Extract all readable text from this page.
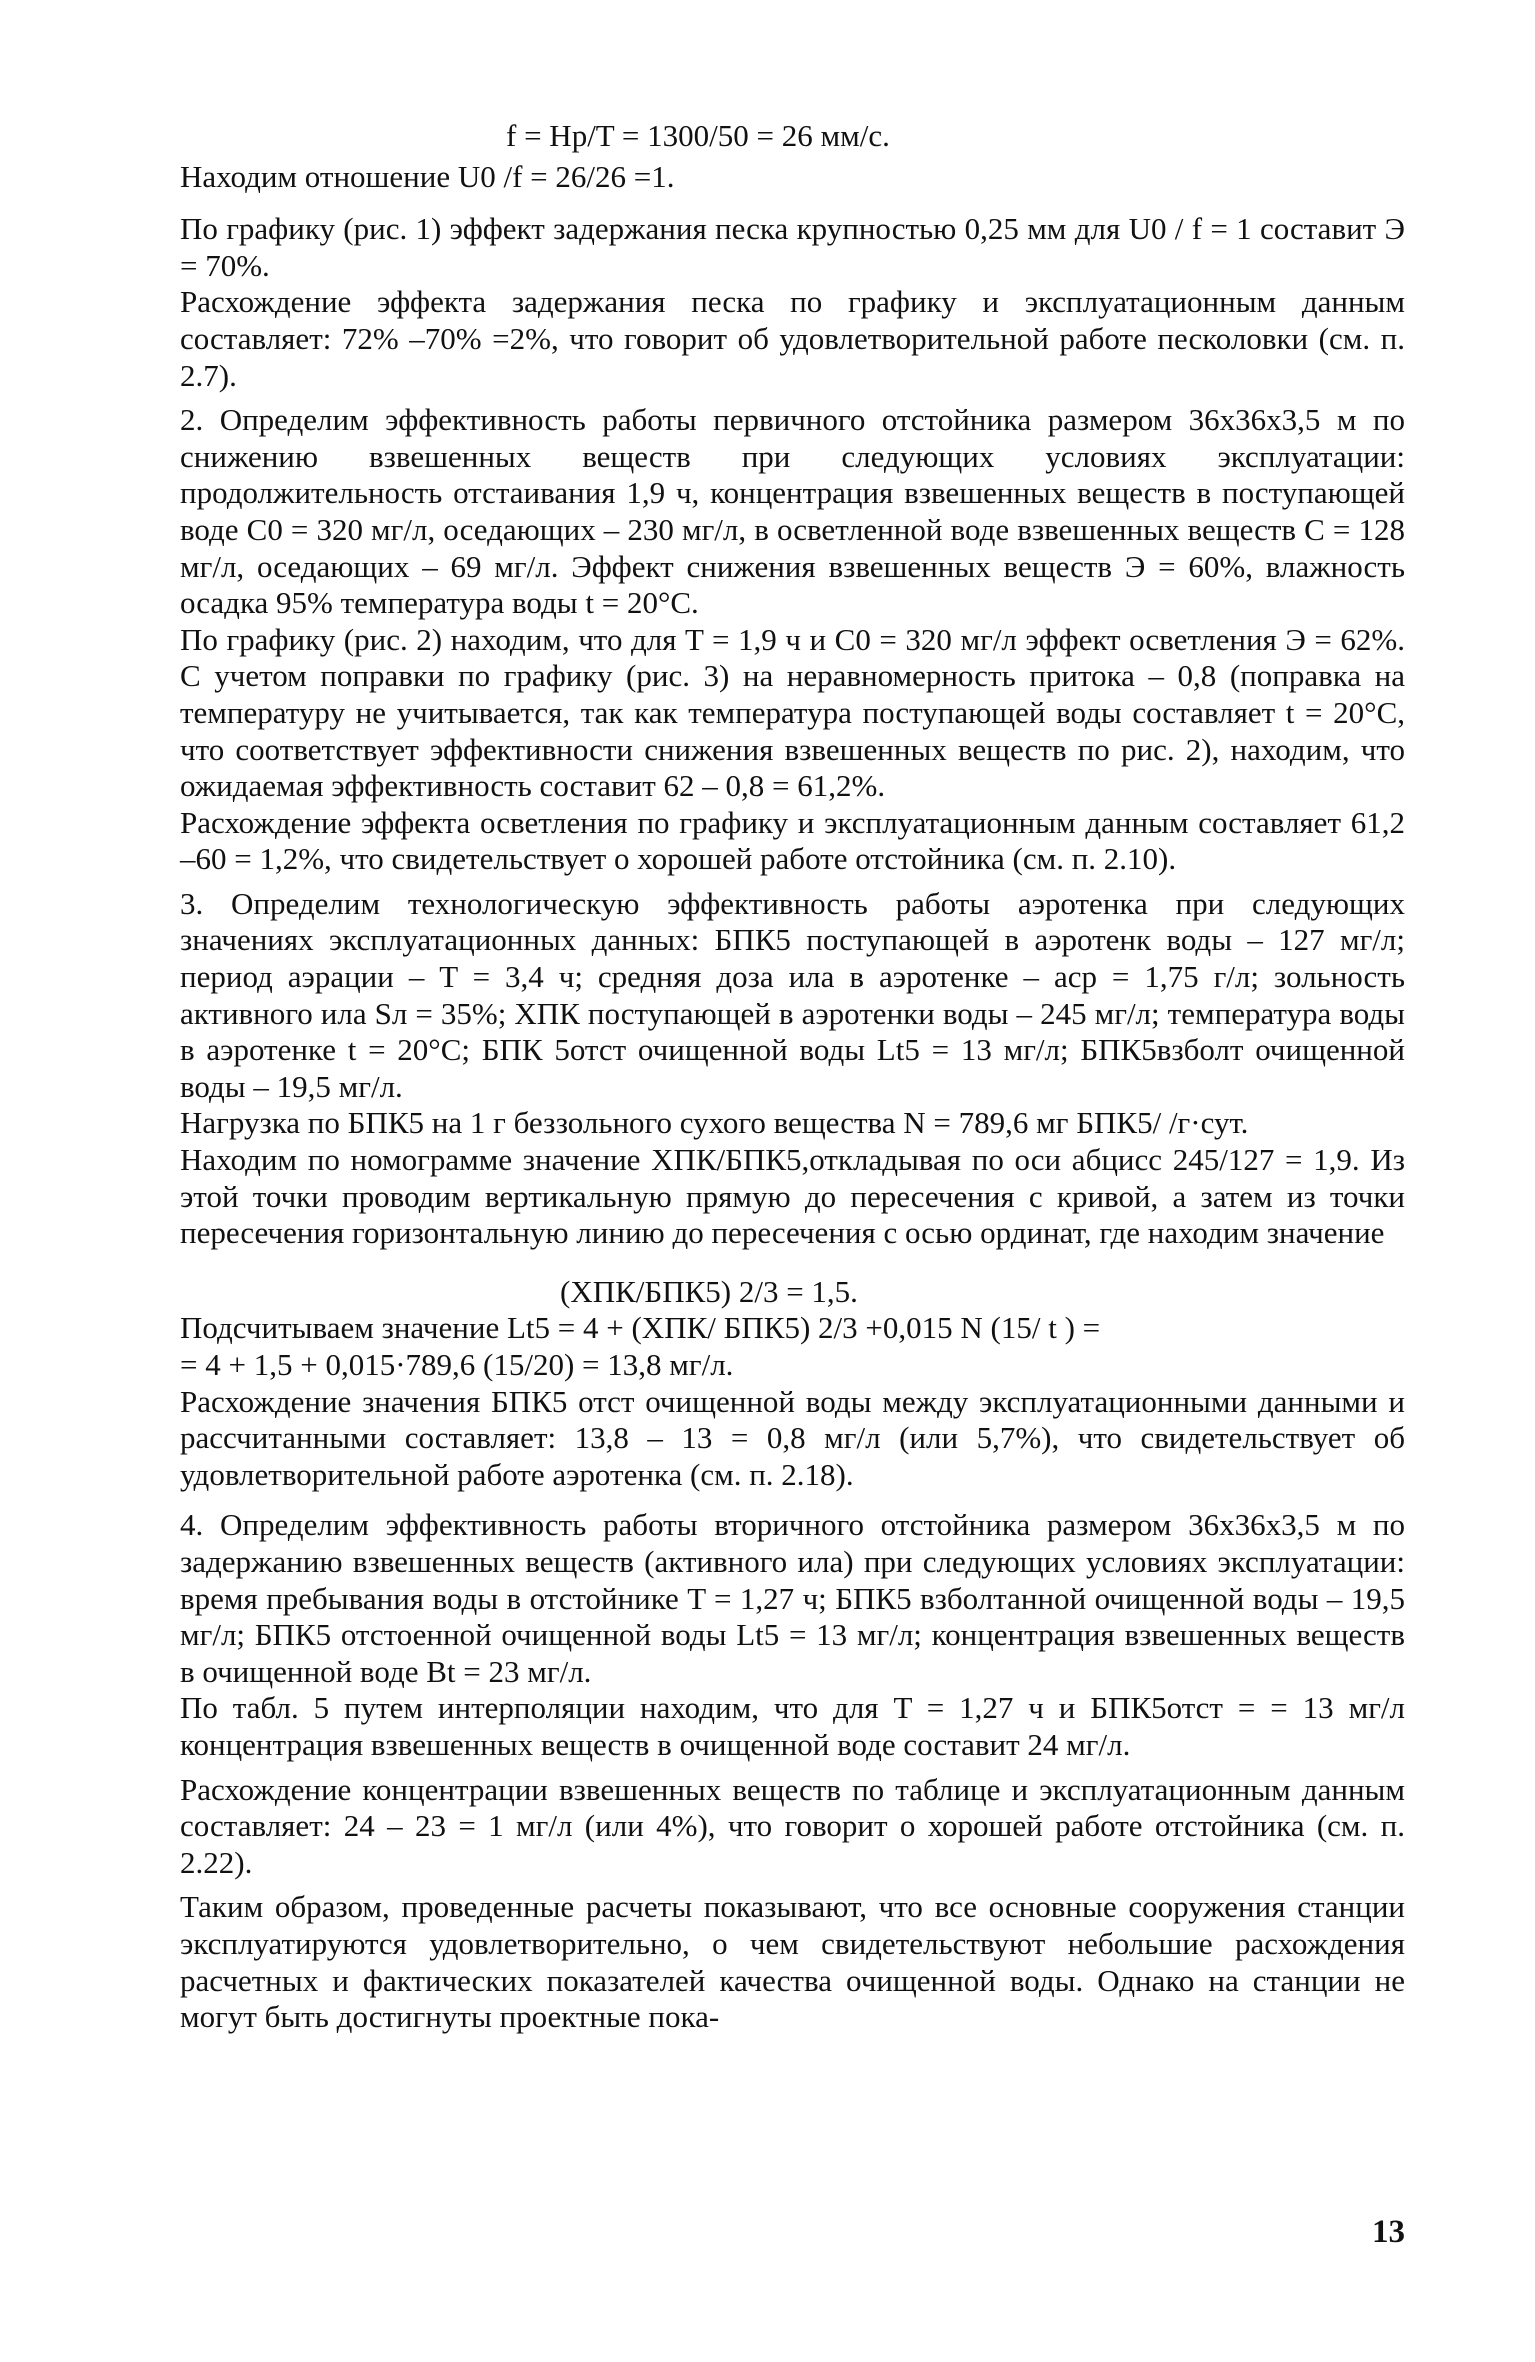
f = Hp/T = 1300/50 = 26 мм/с.

Находим отношение U0 /f = 26/26 =1.

По графику (рис. 1) эффект задержания песка крупностью 0,25 мм для U0 / f = 1 составит Э = 70%.

Расхождение эффекта задержания песка по графику и эксплуатационным данным составляет: 72% –70% =2%, что говорит об удовлетворительной работе песколовки (см. п. 2.7).

2. Определим эффективность работы первичного отстойника размером 36х36х3,5 м по снижению взвешенных веществ при следующих условиях эксплуатации: продолжительность отстаивания 1,9 ч, концентрация взвешенных веществ в поступающей воде C0 = 320 мг/л, оседающих – 230 мг/л, в осветленной воде взвешенных веществ C = 128 мг/л, оседающих – 69 мг/л. Эффект снижения взвешенных веществ Э = 60%, влажность осадка 95% температура воды t = 20°C.

По графику (рис. 2) находим, что для T = 1,9 ч и C0 = 320 мг/л эффект осветления Э = 62%. С учетом поправки по графику (рис. 3) на неравномерность притока – 0,8 (поправка на температуру не учитывается, так как температура поступающей воды составляет t = 20°C, что соответствует эффективности снижения взвешенных веществ по рис. 2), находим, что ожидаемая эффективность составит 62 – 0,8 = 61,2%.

Расхождение эффекта осветления по графику и эксплуатационным данным составляет 61,2 –60 = 1,2%, что свидетельствует о хорошей работе отстойника (см. п. 2.10).

3. Определим технологическую эффективность работы аэротенка при следующих значениях эксплуатационных данных: БПК5 поступающей в аэротенк воды – 127 мг/л; период аэрации – T = 3,4 ч; средняя доза ила в аэротенке – aср = 1,75 г/л; зольность активного ила Sл = 35%; ХПК поступающей в аэротенки воды – 245 мг/л; температура воды в аэротенке t = 20°C; БПК 5отст очищенной воды Lt5 = 13 мг/л; БПК5взболт очищенной воды – 19,5 мг/л.

Нагрузка по БПК5 на 1 г беззольного сухого вещества N = 789,6 мг БПК5/ /г·сут.

Находим по номограмме значение ХПК/БПК5,откладывая по оси абцисс 245/127 = 1,9. Из этой точки проводим вертикальную прямую до пересечения с кривой, а затем из точки пересечения горизонтальную линию до пересечения с осью ординат, где находим значение

(ХПК/БПК5) 2/3 = 1,5.

Подсчитываем значение Lt5 = 4 + (ХПК/ БПК5) 2/3 +0,015 N (15/ t ) =

= 4 + 1,5 + 0,015·789,6 (15/20) = 13,8 мг/л.

Расхождение значения БПК5 отст очищенной воды между эксплуатационными данными и рассчитанными составляет: 13,8 – 13 = 0,8 мг/л (или 5,7%), что свидетельствует об удовлетворительной работе аэротенка (см. п. 2.18).

4. Определим эффективность работы вторичного отстойника размером 36х36х3,5 м по задержанию взвешенных веществ (активного ила) при следующих условиях эксплуатации: время пребывания воды в отстойнике T = 1,27 ч; БПК5 взболтанной очищенной воды – 19,5 мг/л; БПК5 отстоенной очищенной воды Lt5 = 13 мг/л; концентрация взвешенных веществ в очищенной воде Bt = 23 мг/л.

По табл. 5 путем интерполяции находим, что для T = 1,27 ч и БПК5отст = = 13 мг/л концентрация взвешенных веществ в очищенной воде составит 24 мг/л.

Расхождение концентрации взвешенных веществ по таблице и эксплуатационным данным составляет: 24 – 23 = 1 мг/л (или 4%), что говорит о хорошей работе отстойника (см. п. 2.22).

Таким образом, проведенные расчеты показывают, что все основные сооружения станции эксплуатируются удовлетворительно, о чем свидетельствуют небольшие расхождения расчетных и фактических показателей качества очищенной воды. Однако на станции не могут быть достигнуты проектные пока-

13
